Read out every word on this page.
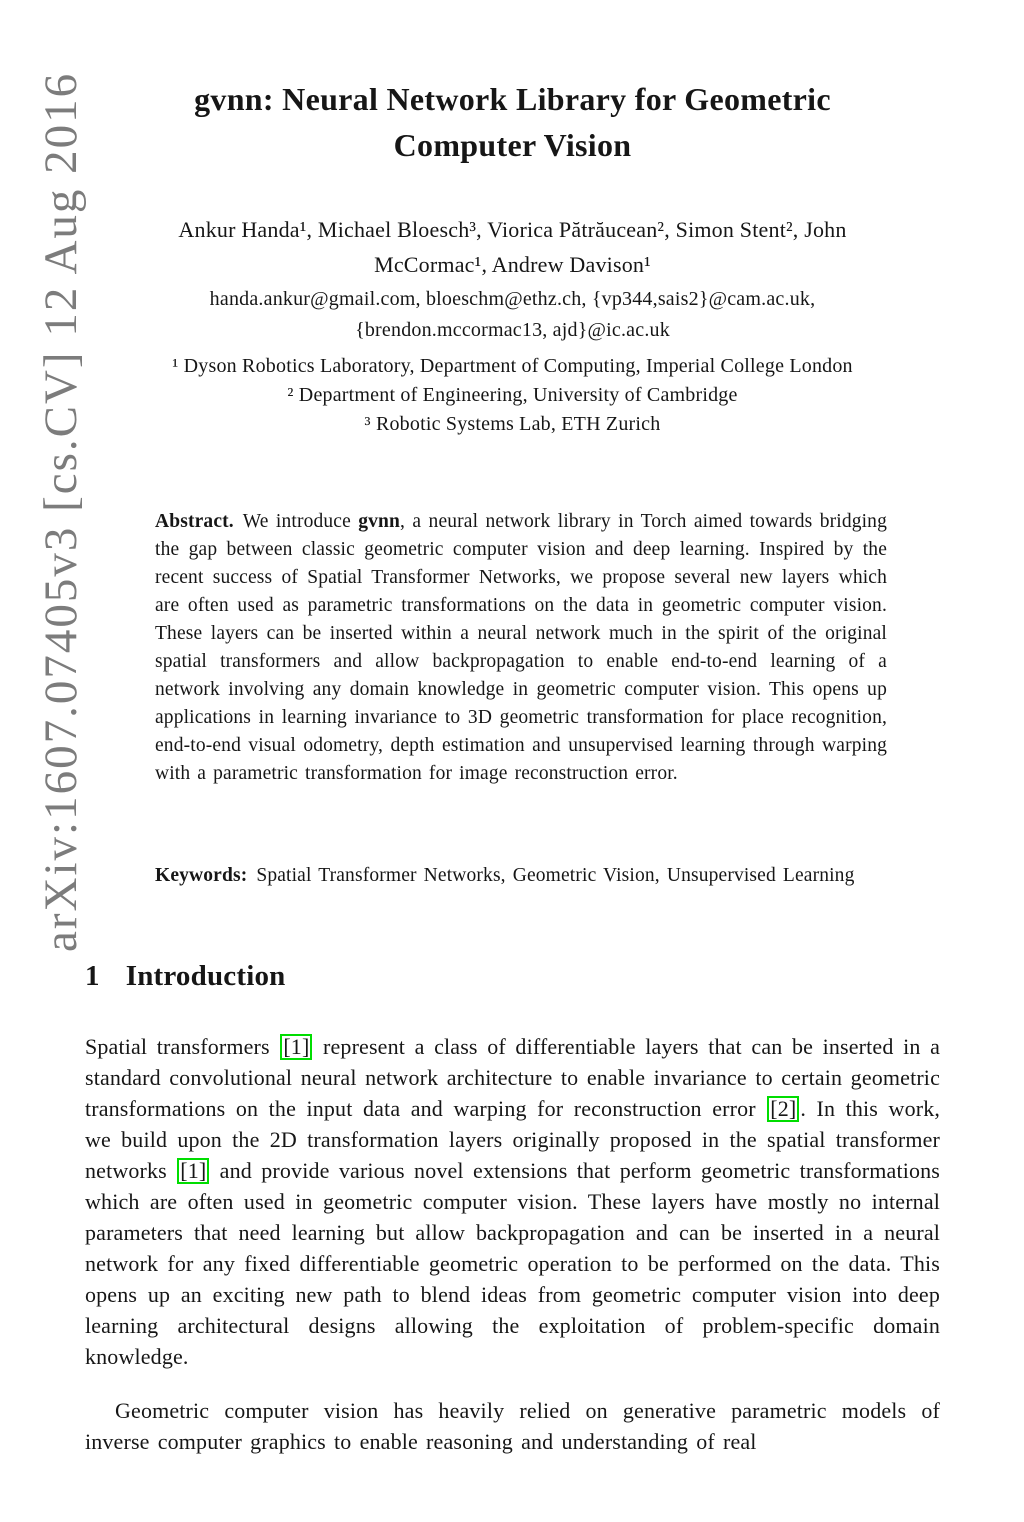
arXiv:1607.07405v3 [cs.CV] 12 Aug 2016	gvnn: Neural Network Library for Geometric
Computer Vision
Ankur Handa¹, Michael Bloesch³, Viorica Pătrăucean², Simon Stent², John
McCormac¹, Andrew Davison¹
handa.ankur@gmail.com, bloeschm@ethz.ch, {vp344,sais2}@cam.ac.uk,
{brendon.mccormac13, ajd}@ic.ac.uk
¹ Dyson Robotics Laboratory, Department of Computing, Imperial College London
² Department of Engineering, University of Cambridge
³ Robotic Systems Lab, ETH Zurich
Abstract. We introduce gvnn, a neural network library in Torch aimed towards bridging the gap between classic geometric computer vision and deep learning. Inspired by the recent success of Spatial Transformer Networks, we propose several new layers which are often used as parametric transformations on the data in geometric computer vision. These layers can be inserted within a neural network much in the spirit of the original spatial transformers and allow backpropagation to enable end-to-end learning of a network involving any domain knowledge in geometric computer vision. This opens up applications in learning invariance to 3D geometric transformation for place recognition, end-to-end visual odometry, depth estimation and unsupervised learning through warping with a parametric transformation for image reconstruction error.
Keywords: Spatial Transformer Networks, Geometric Vision, Unsupervised Learning
1 Introduction
Spatial transformers [1] represent a class of differentiable layers that can be inserted in a standard convolutional neural network architecture to enable invariance to certain geometric transformations on the input data and warping for reconstruction error [2] . In this work, we build upon the 2D transformation layers originally proposed in the spatial transformer networks [1] and provide various novel extensions that perform geometric transformations which are often used in geometric computer vision. These layers have mostly no internal parameters that need learning but allow backpropagation and can be inserted in a neural network for any fixed differentiable geometric operation to be performed on the data. This opens up an exciting new path to blend ideas from geometric computer vision into deep learning architectural designs allowing the exploitation of problem-specific domain knowledge.
Geometric computer vision has heavily relied on generative parametric models of inverse computer graphics to enable reasoning and understanding of real
